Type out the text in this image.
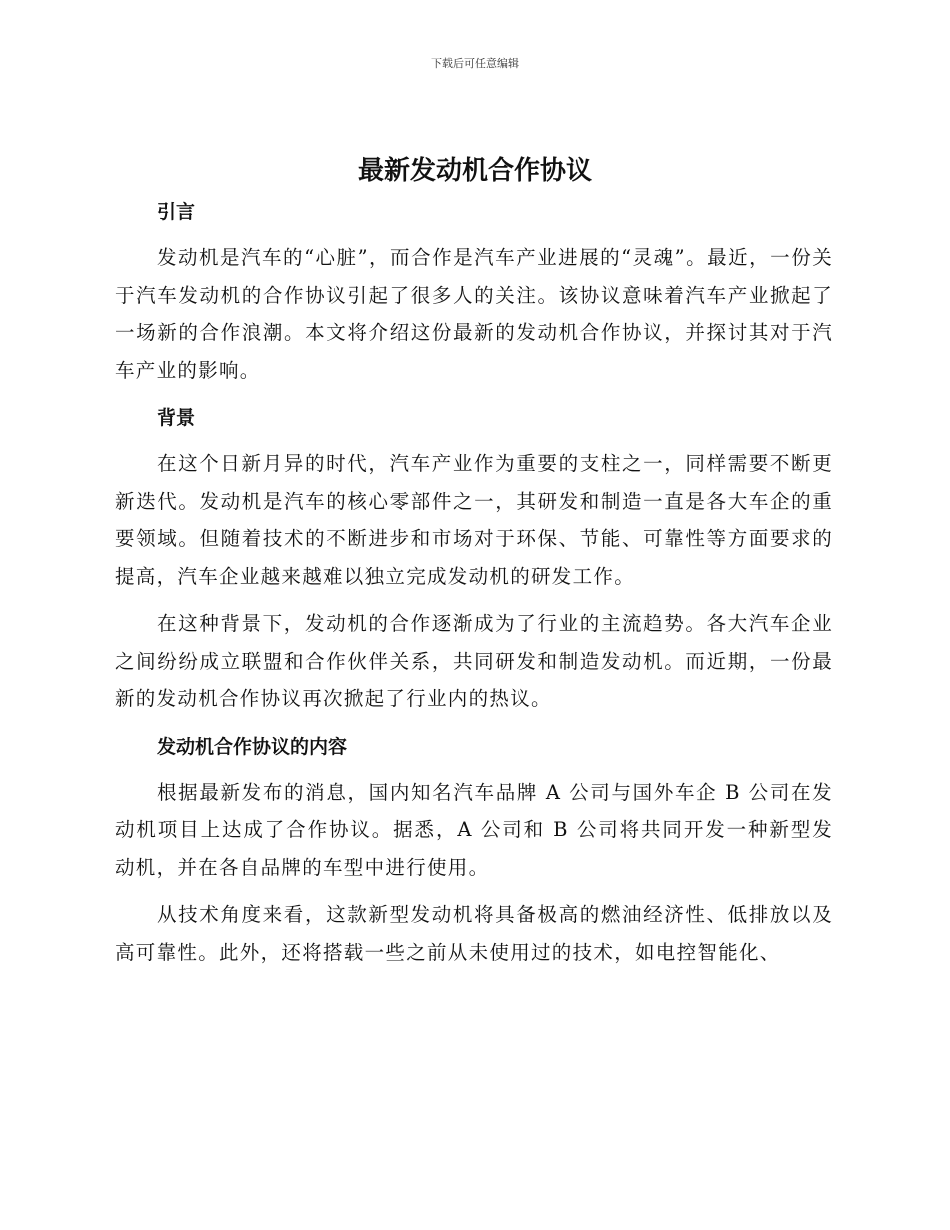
下载后可任意编辑
最新发动机合作协议
引言

发动机是汽车的“心脏”，而合作是汽车产业进展的“灵魂”。最近，一份关于汽车发动机的合作协议引起了很多人的关注。该协议意味着汽车产业掀起了一场新的合作浪潮。本文将介绍这份最新的发动机合作协议，并探讨其对于汽车产业的影响。

背景

在这个日新月异的时代，汽车产业作为重要的支柱之一，同样需要不断更新迭代。发动机是汽车的核心零部件之一，其研发和制造一直是各大车企的重要领域。但随着技术的不断进步和市场对于环保、节能、可靠性等方面要求的提高，汽车企业越来越难以独立完成发动机的研发工作。

在这种背景下，发动机的合作逐渐成为了行业的主流趋势。各大汽车企业之间纷纷成立联盟和合作伙伴关系，共同研发和制造发动机。而近期，一份最新的发动机合作协议再次掀起了行业内的热议。

发动机合作协议的内容

根据最新发布的消息，国内知名汽车品牌 A 公司与国外车企 B 公司在发动机项目上达成了合作协议。据悉，A 公司和 B 公司将共同开发一种新型发动机，并在各自品牌的车型中进行使用。

从技术角度来看，这款新型发动机将具备极高的燃油经济性、低排放以及高可靠性。此外，还将搭载一些之前从未使用过的技术，如电控智能化、
